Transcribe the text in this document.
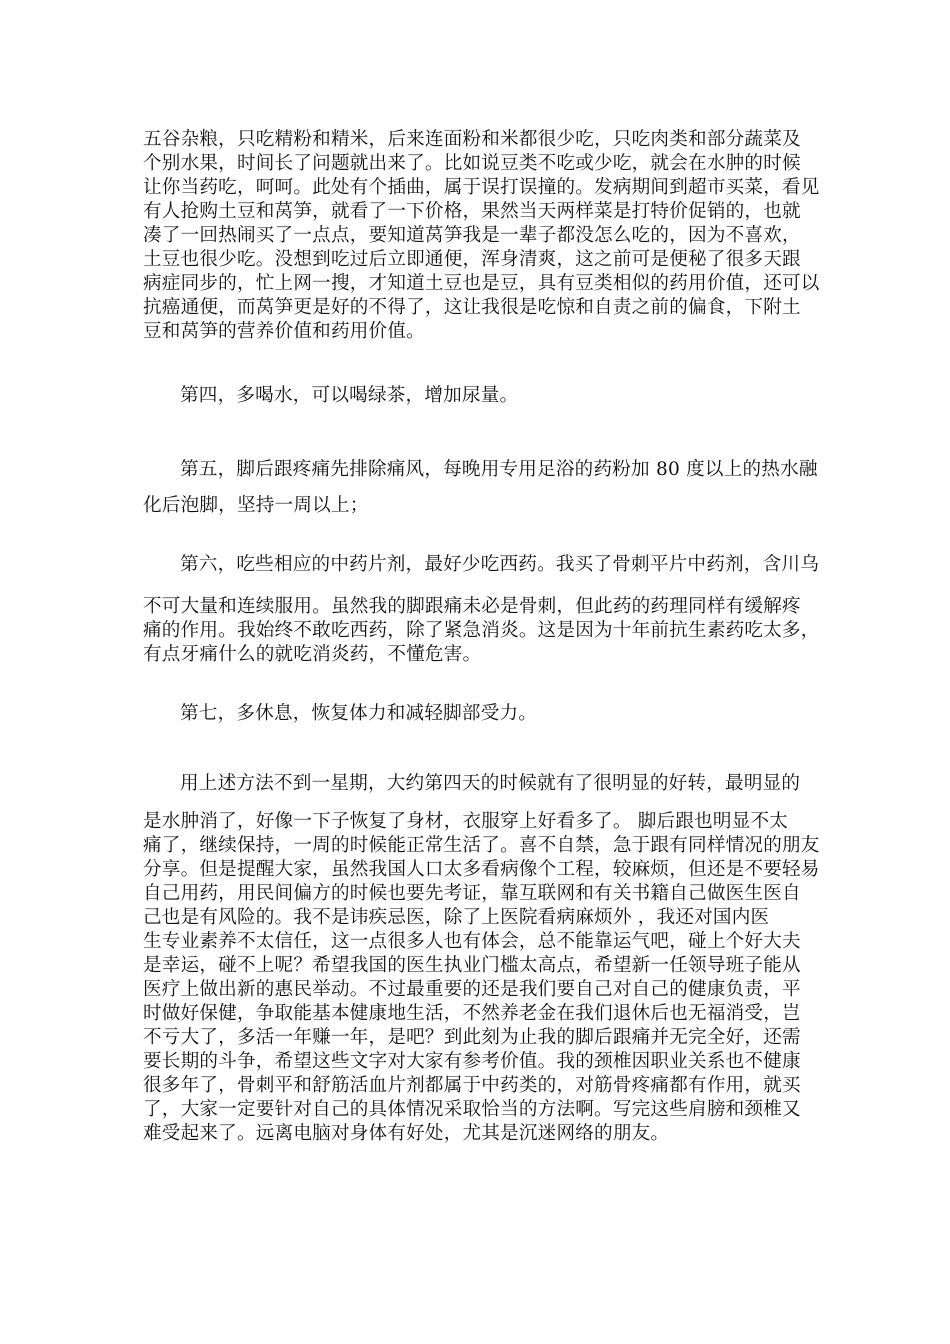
五谷杂粮，只吃精粉和精米，后来连面粉和米都很少吃，只吃肉类和部分蔬菜及
个别水果，时间长了问题就出来了。比如说豆类不吃或少吃，就会在水肿的时候
让你当药吃，呵呵。此处有个插曲，属于误打误撞的。发病期间到超市买菜，看见
有人抢购土豆和莴笋，就看了一下价格，果然当天两样菜是打特价促销的，也就
凑了一回热闹买了一点点，要知道莴笋我是一辈子都没怎么吃的，因为不喜欢，
土豆也很少吃。没想到吃过后立即通便，浑身清爽，这之前可是便秘了很多天跟
病症同步的，忙上网一搜，才知道土豆也是豆，具有豆类相似的药用价值，还可以
抗癌通便，而莴笋更是好的不得了，这让我很是吃惊和自责之前的偏食，下附土
豆和莴笋的营养价值和药用价值。
第四，多喝水，可以喝绿茶，增加尿量。
第五，脚后跟疼痛先排除痛风，每晚用专用足浴的药粉加 80 度以上的热水融
化后泡脚，坚持一周以上；
第六，吃些相应的中药片剂，最好少吃西药。我买了骨刺平片中药剂，含川乌
不可大量和连续服用。虽然我的脚跟痛未必是骨刺，但此药的药理同样有缓解疼
痛的作用。我始终不敢吃西药，除了紧急消炎。这是因为十年前抗生素药吃太多，
有点牙痛什么的就吃消炎药，不懂危害。
第七，多休息，恢复体力和减轻脚部受力。
用上述方法不到一星期，大约第四天的时候就有了很明显的好转，最明显的
是水肿消了，好像一下子恢复了身材，衣服穿上好看多了。 脚后跟也明显不太
痛了，继续保持，一周的时候能正常生活了。喜不自禁，急于跟有同样情况的朋友
分享。但是提醒大家，虽然我国人口太多看病像个工程，较麻烦，但还是不要轻易
自己用药，用民间偏方的时候也要先考证，靠互联网和有关书籍自己做医生医自
己也是有风险的。我不是讳疾忌医，除了上医院看病麻烦外 ，我还对国内医
生专业素养不太信任，这一点很多人也有体会，总不能靠运气吧，碰上个好大夫
是幸运，碰不上呢？希望我国的医生执业门槛太高点，希望新一任领导班子能从
医疗上做出新的惠民举动。不过最重要的还是我们要自己对自己的健康负责，平
时做好保健，争取能基本健康地生活，不然养老金在我们退休后也无福消受，岂
不亏大了，多活一年赚一年，是吧？到此刻为止我的脚后跟痛并无完全好，还需
要长期的斗争，希望这些文字对大家有参考价值。我的颈椎因职业关系也不健康
很多年了，骨刺平和舒筋活血片剂都属于中药类的，对筋骨疼痛都有作用，就买
了，大家一定要针对自己的具体情况采取恰当的方法啊。写完这些肩膀和颈椎又
难受起来了。远离电脑对身体有好处，尤其是沉迷网络的朋友。
